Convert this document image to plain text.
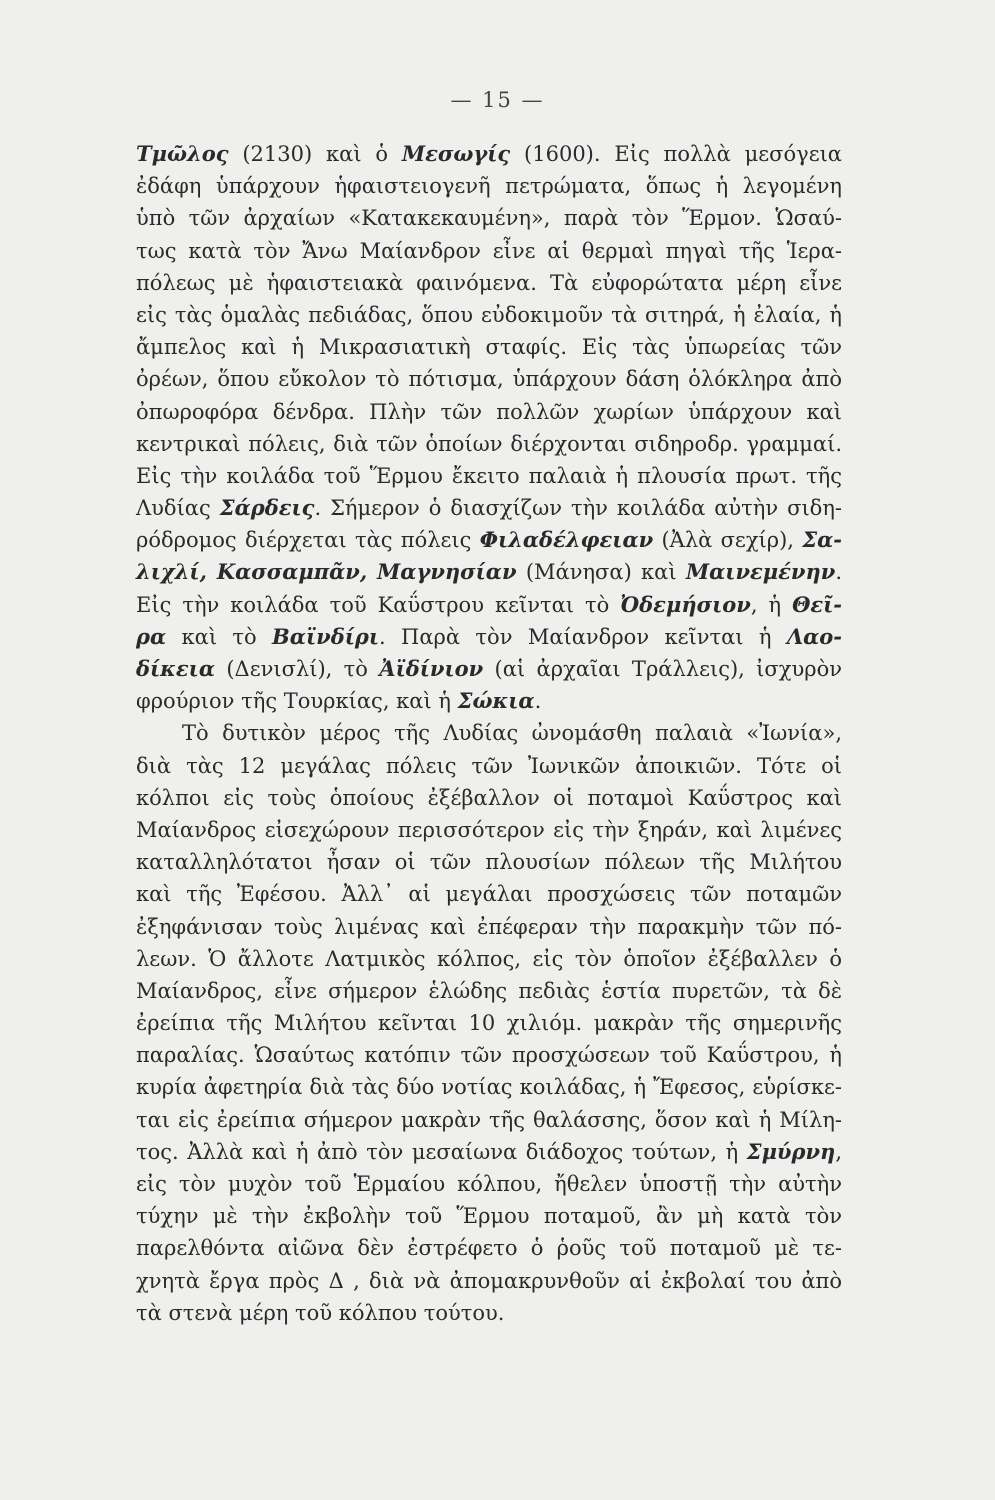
— 15 —
Τμῶλος (2130) καὶ ὁ Μεσωγίς (1600). Εἰς πολλὰ μεσόγεια
ἐδάφη ὑπάρχουν ἡφαιστειογενῆ πετρώματα, ὅπως ἡ λεγομένη
ὑπὸ τῶν ἀρχαίων «Κατακεκαυμένη», παρὰ τὸν Ἕρμον. Ὡσαύ-
τως κατὰ τὸν Ἄνω Μαίανδρον εἶνε αἱ θερμαὶ πηγαὶ τῆς Ἱερα-
πόλεως μὲ ἡφαιστειακὰ φαινόμενα. Τὰ εὐφορώτατα μέρη εἶνε
εἰς τὰς ὁμαλὰς πεδιάδας, ὅπου εὐδοκιμοῦν τὰ σιτηρά, ἡ ἐλαία, ἡ
ἄμπελος καὶ ἡ Μικρασιατικὴ σταφίς. Εἰς τὰς ὑπωρείας τῶν
ὀρέων, ὅπου εὔκολον τὸ πότισμα, ὑπάρχουν δάση ὁλόκληρα ἀπὸ
ὀπωροφόρα δένδρα. Πλὴν τῶν πολλῶν χωρίων ὑπάρχουν καὶ
κεντρικαὶ πόλεις, διὰ τῶν ὁποίων διέρχονται σιδηροδρ. γραμμαί.
Εἰς τὴν κοιλάδα τοῦ Ἕρμου ἔκειτο παλαιὰ ἡ πλουσία πρωτ. τῆς
Λυδίας Σάρδεις. Σήμερον ὁ διασχίζων τὴν κοιλάδα αὐτὴν σιδη-
ρόδρομος διέρχεται τὰς πόλεις Φιλαδέλφειαν (Ἀλὰ σεχίρ), Σα-
λιχλί, Κασσαμπᾶν, Μαγνησίαν (Μάνησα) καὶ Μαινεμένην.
Εἰς τὴν κοιλάδα τοῦ Καΰστρου κεῖνται τὸ Ὀδεμήσιον, ἡ Θεῖ-
ρα καὶ τὸ Βαϊνδίρι. Παρὰ τὸν Μαίανδρον κεῖνται ἡ Λαο-
δίκεια (Δενισλί), τὸ Ἀϊδίνιον (αἱ ἀρχαῖαι Τράλλεις), ἰσχυρὸν
φρούριον τῆς Τουρκίας, καὶ ἡ Σώκια.
Τὸ δυτικὸν μέρος τῆς Λυδίας ὠνομάσθη παλαιὰ «Ἰωνία»,
διὰ τὰς 12 μεγάλας πόλεις τῶν Ἰωνικῶν ἀποικιῶν. Τότε οἱ
κόλποι εἰς τοὺς ὁποίους ἐξέβαλλον οἱ ποταμοὶ Καΰστρος καὶ
Μαίανδρος εἰσεχώρουν περισσότερον εἰς τὴν ξηράν, καὶ λιμένες
καταλληλότατοι ἦσαν οἱ τῶν πλουσίων πόλεων τῆς Μιλήτου
καὶ τῆς Ἐφέσου. Ἀλλ᾽ αἱ μεγάλαι προσχώσεις τῶν ποταμῶν
ἐξηφάνισαν τοὺς λιμένας καὶ ἐπέφεραν τὴν παρακμὴν τῶν πό-
λεων. Ὁ ἄλλοτε Λατμικὸς κόλπος, εἰς τὸν ὁποῖον ἐξέβαλλεν ὁ
Μαίανδρος, εἶνε σήμερον ἑλώδης πεδιὰς ἑστία πυρετῶν, τὰ δὲ
ἐρείπια τῆς Μιλήτου κεῖνται 10 χιλιόμ. μακρὰν τῆς σημερινῆς
παραλίας. Ὡσαύτως κατόπιν τῶν προσχώσεων τοῦ Καΰστρου, ἡ
κυρία ἀφετηρία διὰ τὰς δύο νοτίας κοιλάδας, ἡ Ἔφεσος, εὑρίσκε-
ται εἰς ἐρείπια σήμερον μακρὰν τῆς θαλάσσης, ὅσον καὶ ἡ Μίλη-
τος. Ἀλλὰ καὶ ἡ ἀπὸ τὸν μεσαίωνα διάδοχος τούτων, ἡ Σμύρνη,
εἰς τὸν μυχὸν τοῦ Ἑρμαίου κόλπου, ἤθελεν ὑποστῇ τὴν αὐτὴν
τύχην μὲ τὴν ἐκβολὴν τοῦ Ἕρμου ποταμοῦ, ἂν μὴ κατὰ τὸν
παρελθόντα αἰῶνα δὲν ἐστρέφετο ὁ ῥοῦς τοῦ ποταμοῦ μὲ τε-
χνητὰ ἔργα πρὸς Δ , διὰ νὰ ἀπομακρυνθοῦν αἱ ἐκβολαί του ἀπὸ
τὰ στενὰ μέρη τοῦ κόλπου τούτου.
